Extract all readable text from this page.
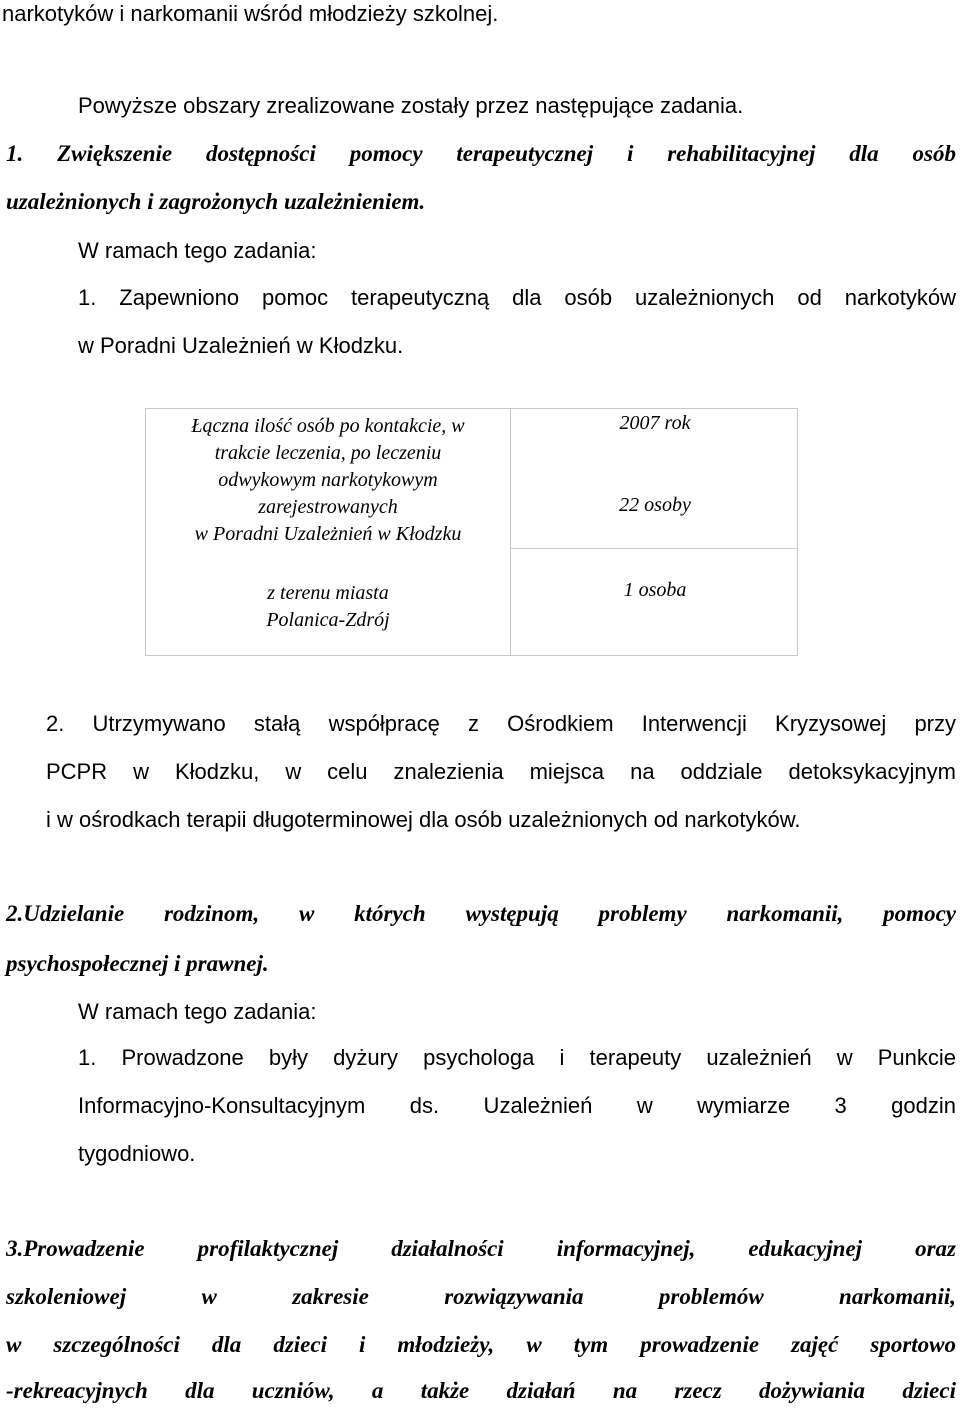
narkotyków i narkomanii wśród młodzieży szkolnej.
Powyższe obszary zrealizowane zostały przez następujące zadania.
1. Zwiększenie dostępności pomocy terapeutycznej i rehabilitacyjnej dla osób
uzależnionych i zagrożonych uzależnieniem.
W ramach tego zadania:
1. Zapewniono pomoc terapeutyczną dla osób uzależnionych od narkotyków
w Poradni Uzależnień w Kłodzku.
Łączna ilość osób po kontakcie, w
trakcie leczenia, po leczeniu
odwykowym narkotykowym
zarejestrowanych
w Poradni Uzależnień w Kłodzku
z terenu miasta
Polanica-Zdrój
2007 rok
22 osoby
1 osoba
2. Utrzymywano stałą współpracę z Ośrodkiem Interwencji Kryzysowej przy
PCPR w Kłodzku, w celu znalezienia miejsca na oddziale detoksykacyjnym
i w ośrodkach terapii długoterminowej dla osób uzależnionych od narkotyków.
2.Udzielanie rodzinom, w których występują problemy narkomanii, pomocy
psychospołecznej i prawnej.
W ramach tego zadania:
1. Prowadzone były dyżury psychologa i terapeuty uzależnień w Punkcie
Informacyjno-Konsultacyjnym ds. Uzależnień w wymiarze 3 godzin
tygodniowo.
3.Prowadzenie profilaktycznej działalności informacyjnej, edukacyjnej oraz
szkoleniowej w zakresie rozwiązywania problemów narkomanii,
w szczególności dla dzieci i młodzieży, w tym prowadzenie zajęć sportowo
-rekreacyjnych dla uczniów, a także działań na rzecz dożywiania dzieci
